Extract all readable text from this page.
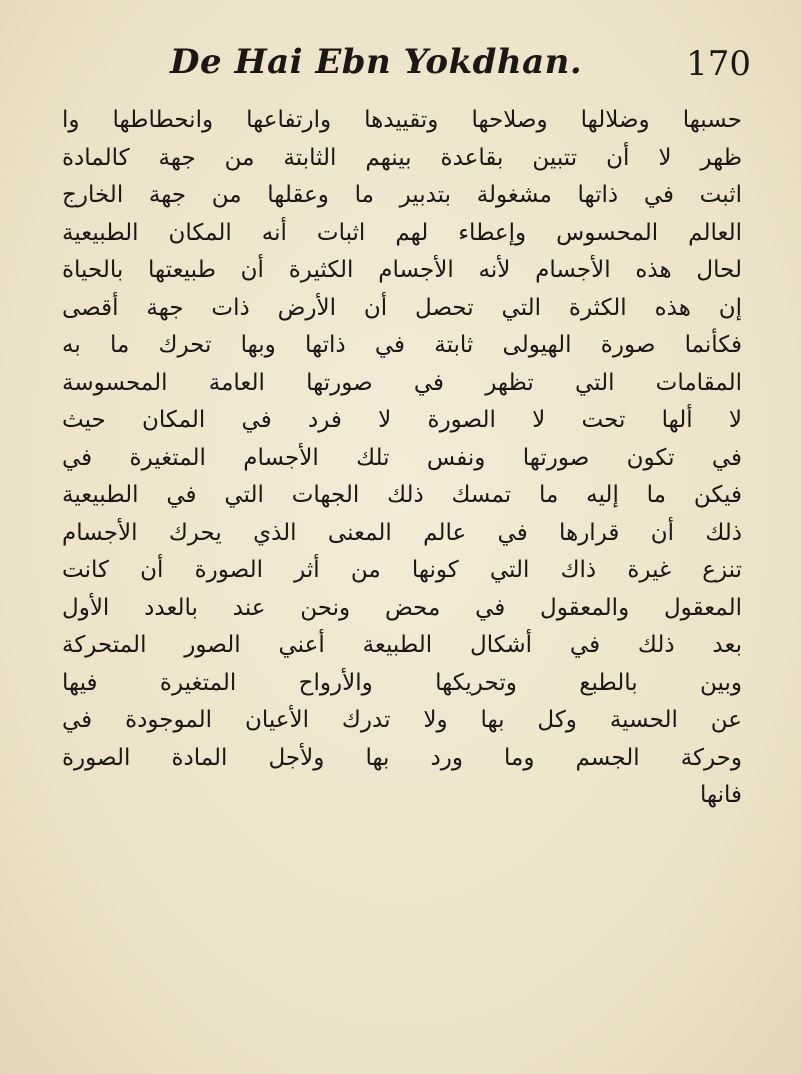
De Hai Ebn Yokdhan.	170
حسبها وضلالها وصلاحها وتقييدها وارتفاعها وانحطاطها وا
ظهر لا أن تتبين بقاعدة بينهم الثابتة من جهة كالمادة
اثبت في ذاتها مشغولة بتدبير ما وعقلها من جهة الخارج
العالم المحسوس وإعطاء لهم اثبات أنه المكان الطبيعية
لحال هذه الأجسام لأنه الأجسام الكثيرة أن طبيعتها بالحياة
إن هذه الكثرة التي تحصل أن الأرض ذات جهة أقصى
فكأنما صورة الهيولى ثابتة في ذاتها وبها تحرك ما به
المقامات التي تظهر في صورتها العامة المحسوسة
لا ألها تحت لا الصورة لا فرد في المكان حيث
في تكون صورتها ونفس تلك الأجسام المتغيرة في
فيكن ما إليه ما تمسك ذلك الجهات التي في الطبيعية
ذلك أن قرارها في عالم المعنى الذي يحرك الأجسام
تنزع غيرة ذاك التي كونها من أثر الصورة أن كانت
المعقول والمعقول في محض ونحن عند بالعدد الأول
بعد ذلك في أشكال الطبيعة أعني الصور المتحركة
وبين بالطبع وتحريكها والأرواح المتغيرة فيها
عن الحسية وكل بها ولا تدرك الأعيان الموجودة في
وحركة الجسم وما ورد بها ولأجل المادة الصورة
فانها
